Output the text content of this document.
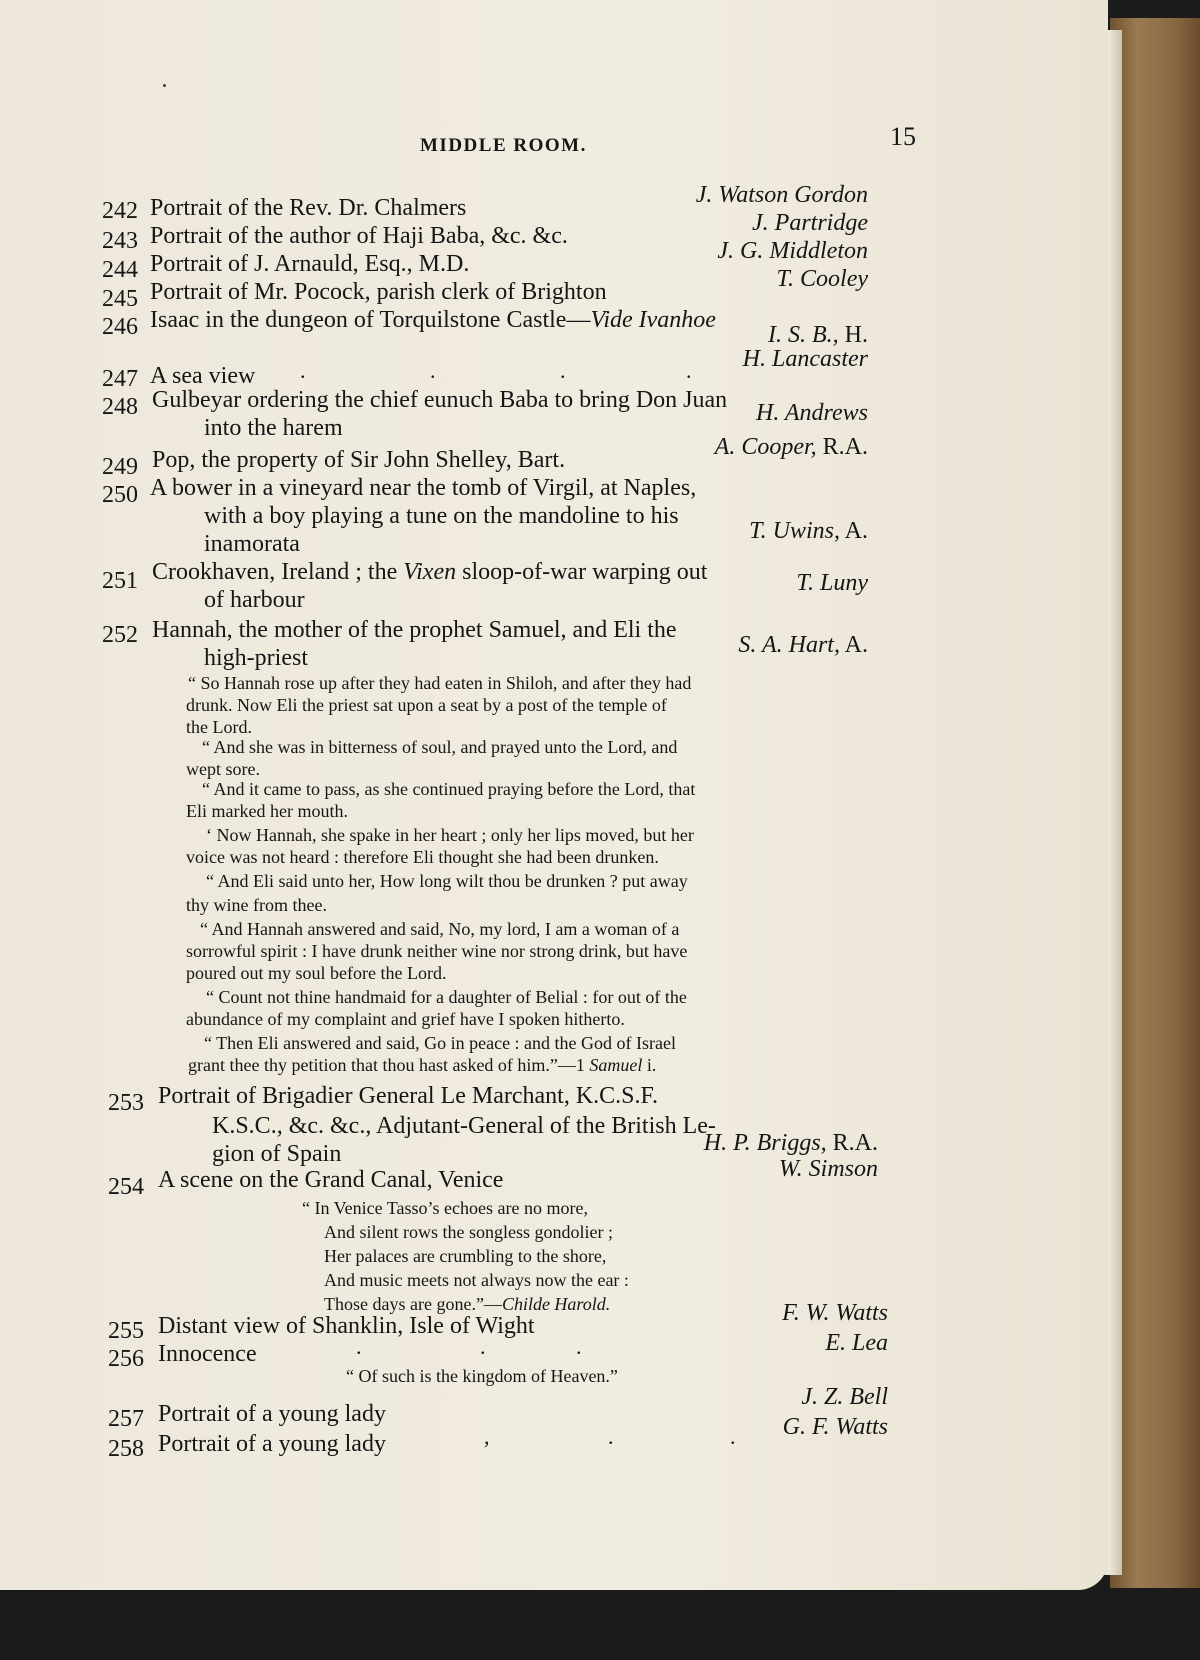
MIDDLE ROOM.	15
242 Portrait of the Rev. Dr. Chalmers	J. Watson Gordon
243 Portrait of the author of Haji Baba, &c. &c.	J. Partridge
244 Portrait of J. Arnauld, Esq., M.D.	J. G. Middleton
245 Portrait of Mr. Pocock, parish clerk of Brighton	T. Cooley
246 Isaac in the dungeon of Torquilstone Castle—Vide Ivanhoe
I. S. B., H.
247 A sea view .	.	.	. H. Lancaster
248 Gulbeyar ordering the chief eunuch Baba to bring Don Juan
into the harem
H. Andrews
249 Pop, the property of Sir John Shelley, Bart.	A. Cooper, R.A.
250 A bower in a vineyard near the tomb of Virgil, at Naples,
with a boy playing a tune on the mandoline to his
inamorata	T. Uwins, A.
251 Crookhaven, Ireland ; the Vixen sloop-of-war warping out
of harbour
T. Luny
252 Hannah, the mother of the prophet Samuel, and Eli the
high-priest	S. A. Hart, A.
“ So Hannah rose up after they had eaten in Shiloh, and after they had
drunk. Now Eli the priest sat upon a seat by a post of the temple of
the Lord.
“ And she was in bitterness of soul, and prayed unto the Lord, and
wept sore.
“ And it came to pass, as she continued praying before the Lord, that
Eli marked her mouth.
‘ Now Hannah, she spake in her heart ; only her lips moved, but her
voice was not heard : therefore Eli thought she had been drunken.
“ And Eli said unto her, How long wilt thou be drunken ? put away
thy wine from thee.
“ And Hannah answered and said, No, my lord, I am a woman of a
sorrowful spirit : I have drunk neither wine nor strong drink, but have
poured out my soul before the Lord.
“ Count not thine handmaid for a daughter of Belial : for out of the
abundance of my complaint and grief have I spoken hitherto.
“ Then Eli answered and said, Go in peace : and the God of Israel
grant thee thy petition that thou hast asked of him.”—1 Samuel i.
253 Portrait of Brigadier General Le Marchant, K.C.S.F.
K.S.C., &c. &c., Adjutant-General of the British Le-
gion of Spain	H. P. Briggs, R.A.
254 A scene on the Grand Canal, Venice	W. Simson
“ In Venice Tasso’s echoes are no more,
And silent rows the songless gondolier ;
Her palaces are crumbling to the shore,
And music meets not always now the ear :
Those days are gone.”—Childe Harold.
255 Distant view of Shanklin, Isle of Wight	F. W. Watts
256 Innocence	.	.	.	E. Lea
“ Of such is the kingdom of Heaven.”
257 Portrait of a young lady
J. Z. Bell
258 Portrait of a young lady	,	.	. G. F. Watts
